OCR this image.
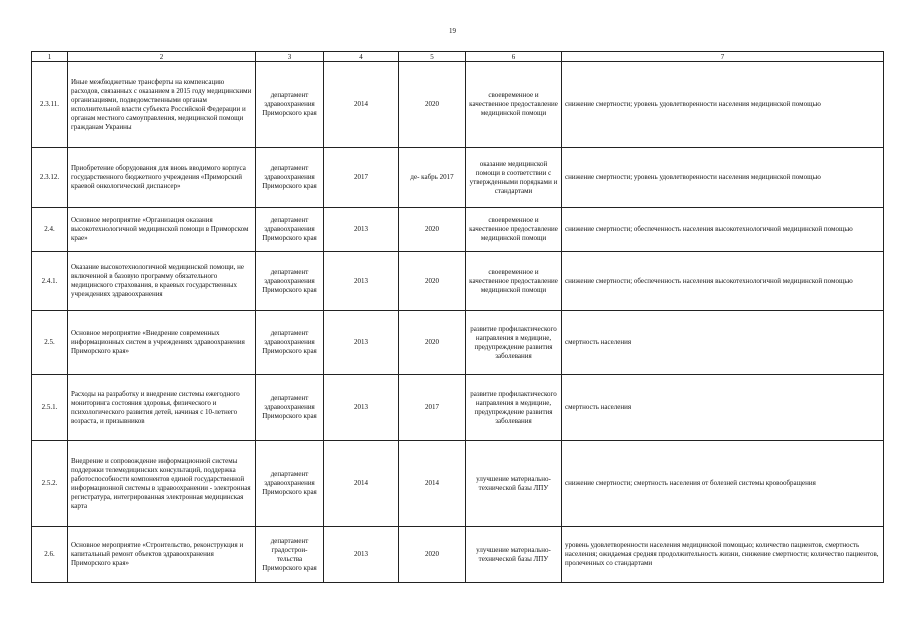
19
1	2	3	4	5	6	7
2.3.11.	Иные межбюджетные трансферты на компенсацию расходов, связанных с оказанием в 2015 году медицинскими организациями, подведомственными органам исполнительной власти субъекта Российской Федерации и органам местного самоуправления, медицинской помощи гражданам Украины	департамент здравоохранения Приморского края	2014	2020	своевременное и качественное предоставление медицинской помощи	снижение смертности; уровень удовлетворенности населения медицинской помощью
2.3.12.	Приобретение оборудования для вновь вводимого корпуса государственного бюджетного учреждения «Приморский краевой онкологический диспансер»	департамент здравоохранения Приморского края	2017	де- кабрь 2017	оказание медицинской помощи в соответствии с утвержденными порядками и стандартами	снижение смертности; уровень удовлетворенности населения медицинской помощью
2.4.	Основное мероприятие «Организация оказания высокотехнологичной медицинской помощи в Приморском крае»	департамент здравоохранения Приморского края	2013	2020	своевременное и качественное предоставление медицинской помощи	снижение смертности; обеспеченность населения высокотехнологичной медицинской помощью
2.4.1.	Оказание высокотехнологичной медицинской помощи, не включенной в базовую программу обязательного медицинского страхования, в краевых государственных учреждениях здравоохранения	департамент здравоохранения Приморского края	2013	2020	своевременное и качественное предоставление медицинской помощи	снижение смертности; обеспеченность населения высокотехнологичной медицинской помощью
2.5.	Основное мероприятие «Внедрение современных информационных систем в учреждениях здравоохранения Приморского края»	департамент здравоохранения Приморского края	2013	2020	развитие профилактического направления в медицине, предупреждение развития заболевания	смертность населения
2.5.1.	Расходы на разработку и внедрение системы ежегодного мониторинга состояния здоровья, физического и психологического развития детей, начиная с 10-летнего возраста, и призывников	департамент здравоохранения Приморского края	2013	2017	развитие профилактического направления в медицине, предупреждение развития заболевания	смертность населения
2.5.2.	Внедрение и сопровождение информационной системы поддержки телемедицинских консультаций, поддержка работоспособности компонентов единой государственной информационной системы в здравоохранении - электронная регистратура, интегрированная электронная медицинская карта	департамент здравоохранения Приморского края	2014	2014	улучшение материально-технической базы ЛПУ	снижение смертности; смертность населения от болезней системы кровообращения
2.6.	Основное мероприятие «Строительство, реконструкция и капитальный ремонт объектов здравоохранения Приморского края»	департамент градострои-тельства Приморского края	2013	2020	улучшение материально-технической базы ЛПУ	уровень удовлетворенности населения медицинской помощью; количество пациентов, смертность населения; ожидаемая средняя продолжительность жизни, снижение смертности; количество пациентов, пролеченных со стандартами
